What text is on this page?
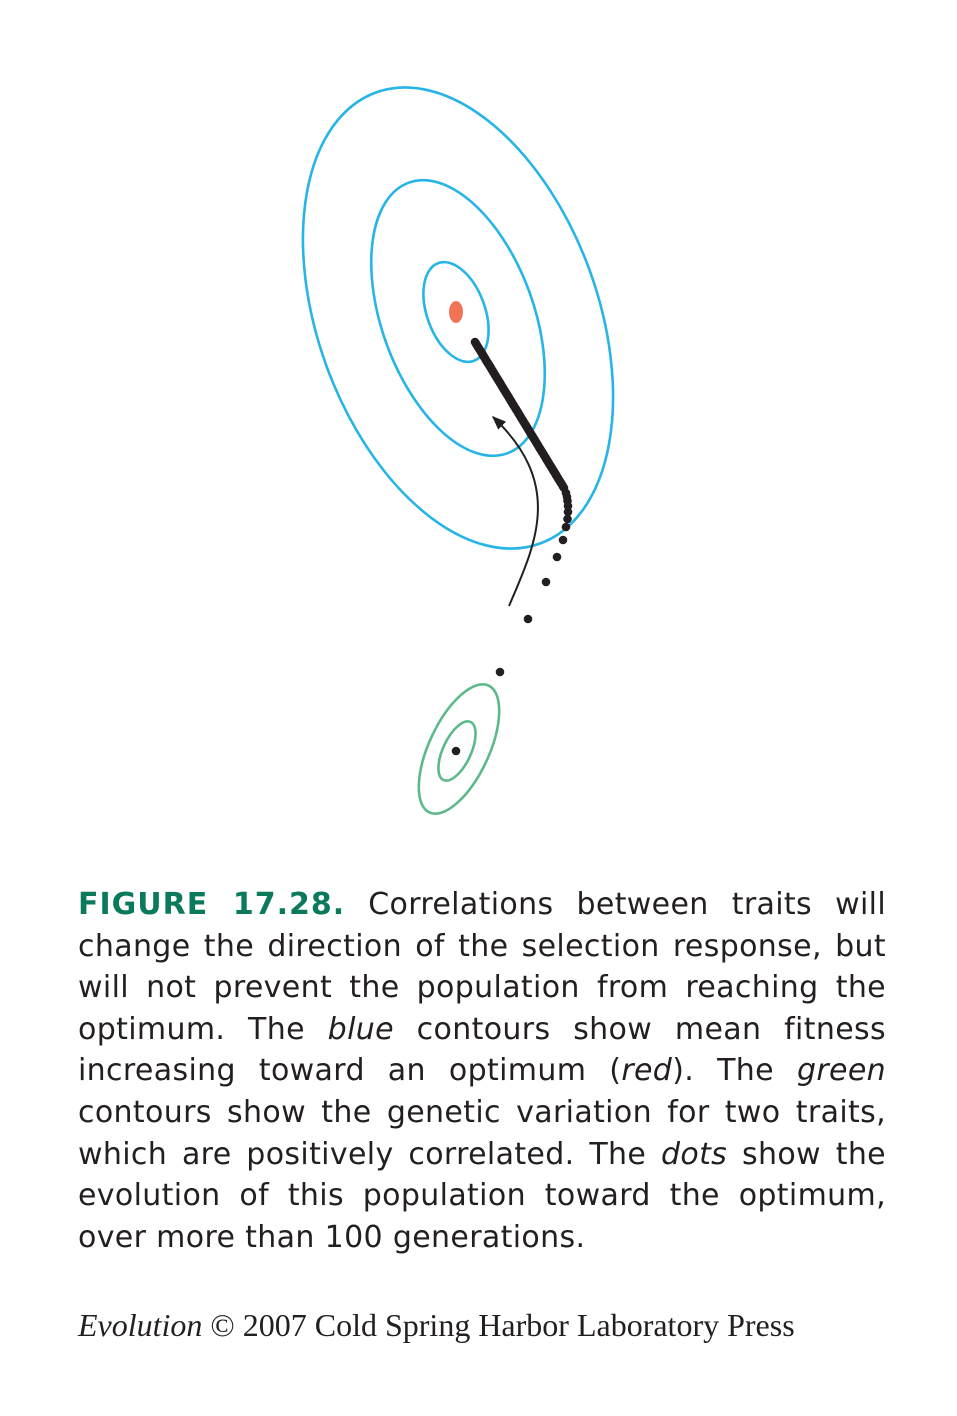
FIGURE 17.28. Correlations between traits will change the direction of the selection response, but will not prevent the population from reaching the optimum. The blue contours show mean fitness increasing toward an optimum (red). The green contours show the genetic variation for two traits, which are positively correlated. The dots show the evolution of this population toward the optimum, over more than 100 generations.

Evolution © 2007 Cold Spring Harbor Laboratory Press
